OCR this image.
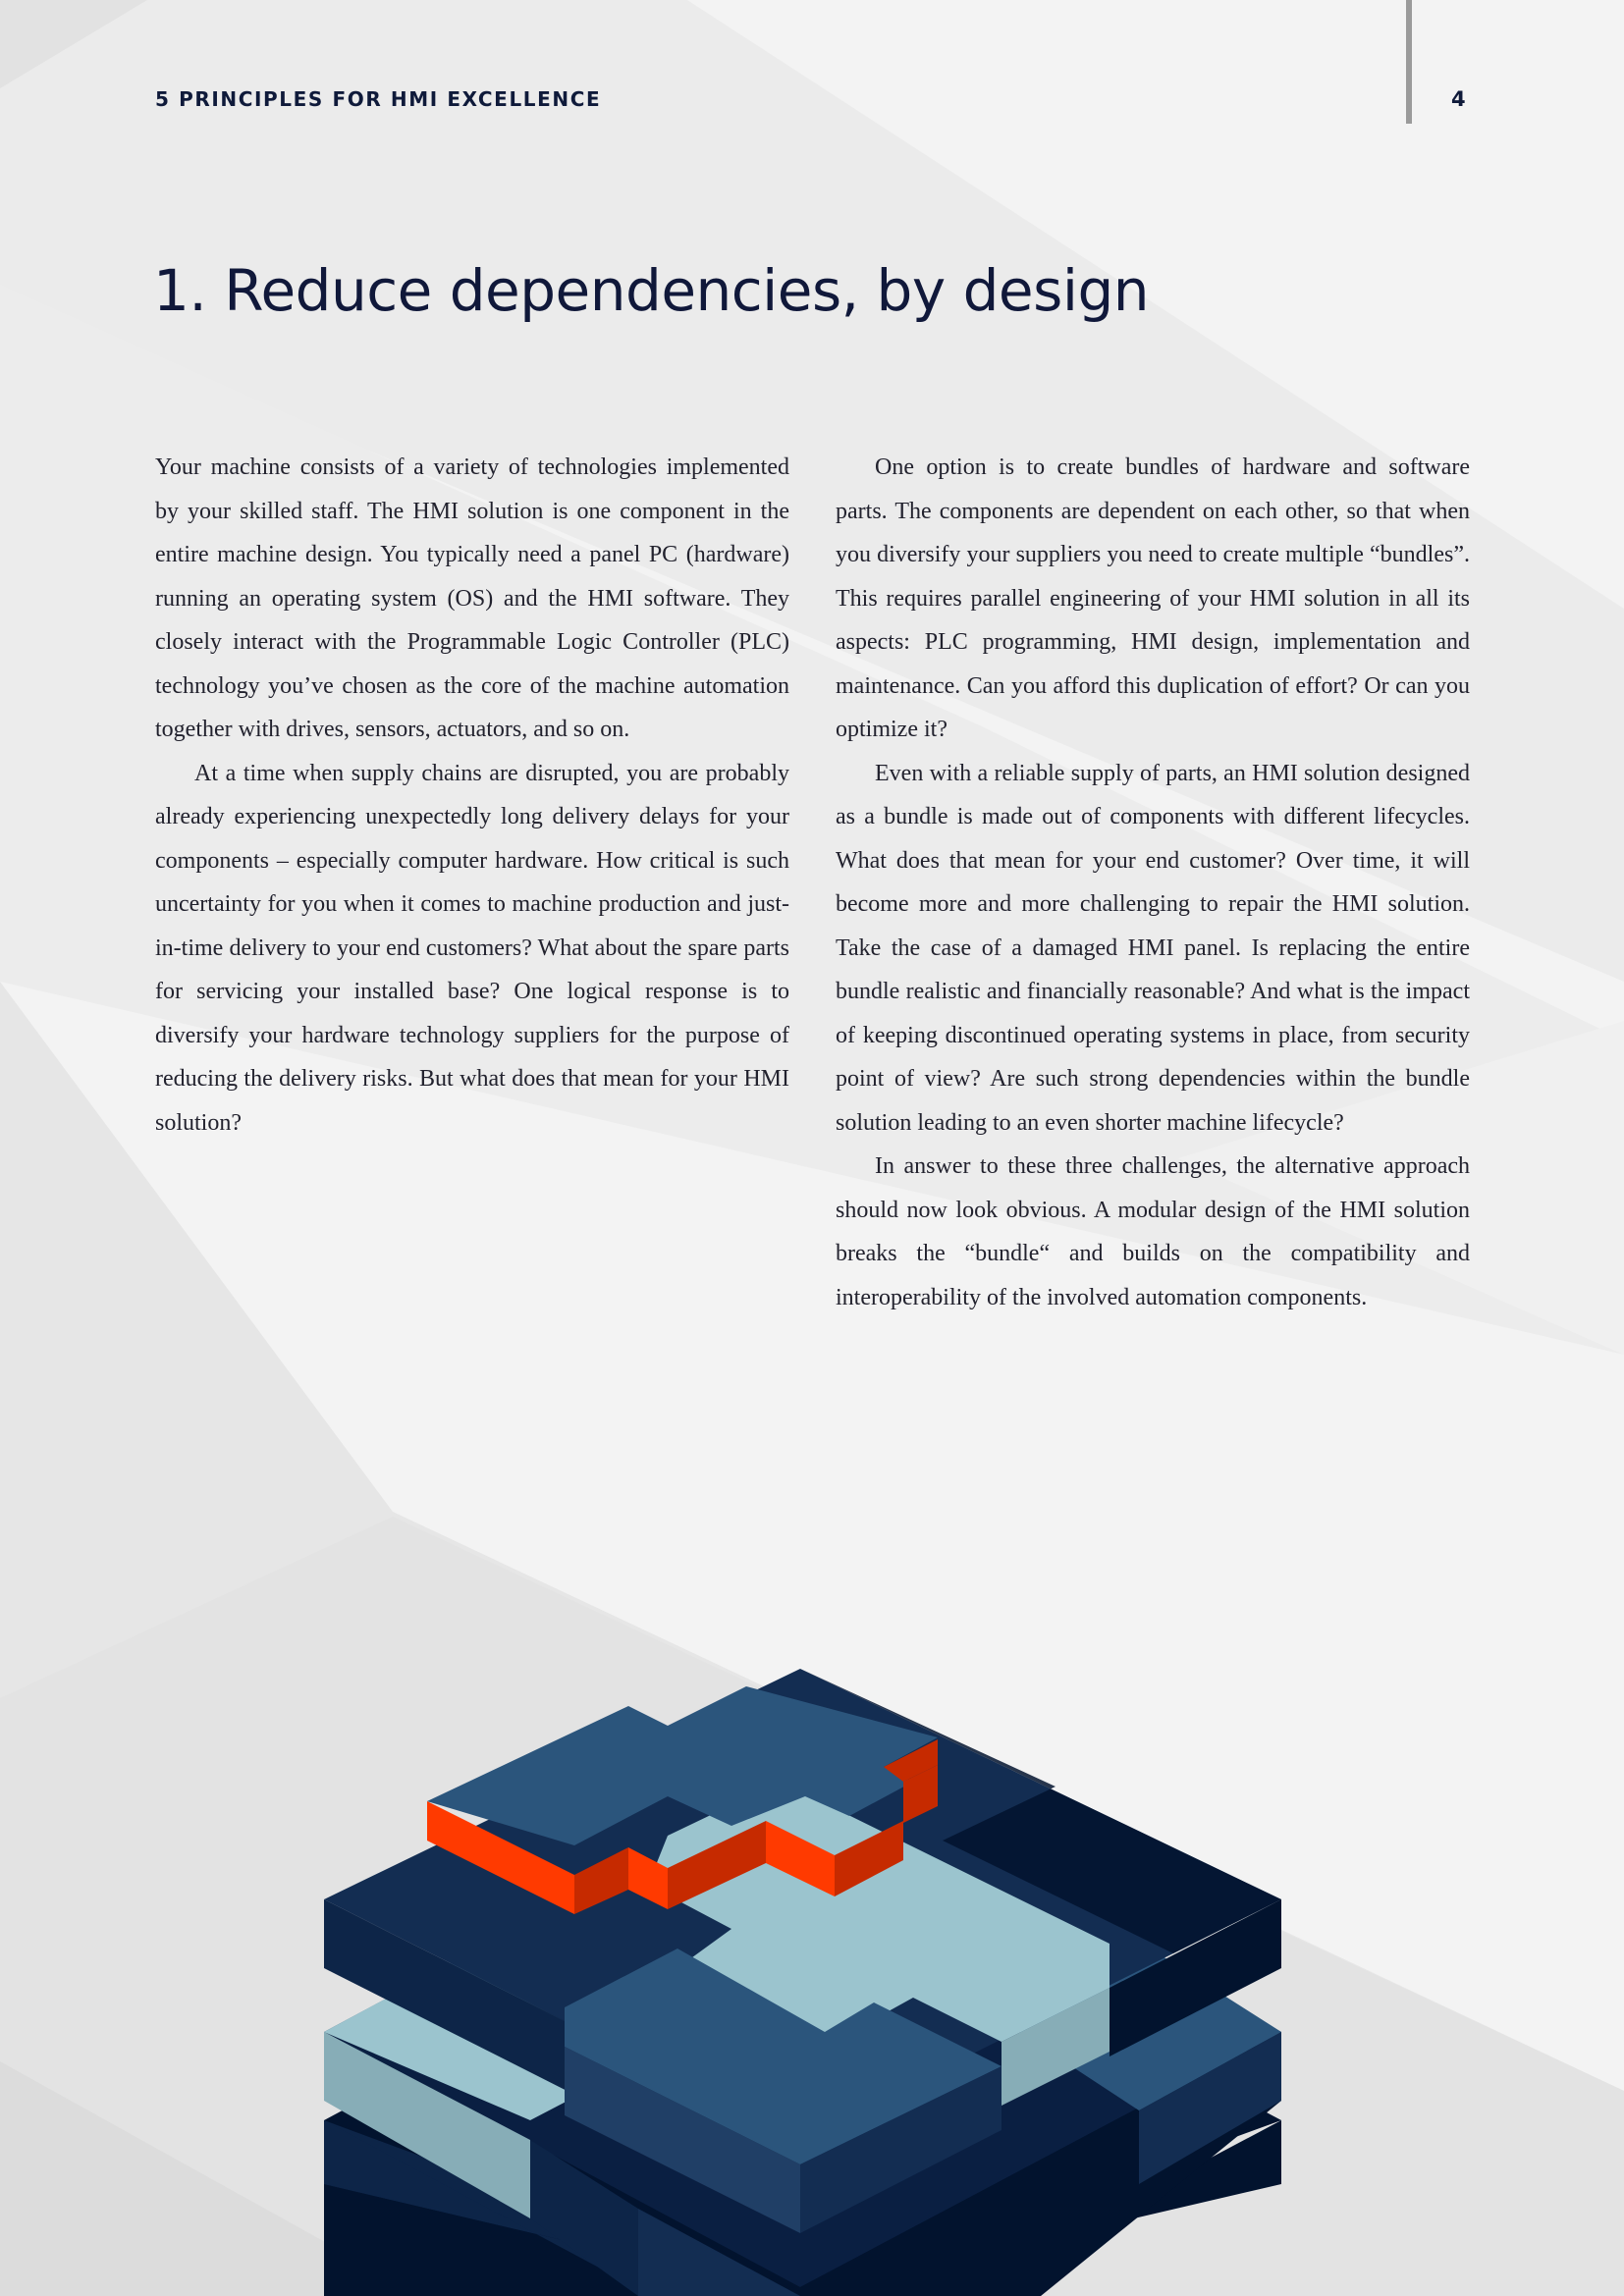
5 PRINCIPLES FOR HMI EXCELLENCE	4
1. Reduce dependencies, by design

Your machine consists of a variety of technologies implemented by your skilled staff. The HMI solution is one component in the entire machine design. You typically need a panel PC (hardware) running an operating system (OS) and the HMI software. They closely interact with the Programmable Logic Controller (PLC) technology you’ve chosen as the core of the machine automation together with drives, sensors, actuators, and so on.

At a time when supply chains are disrupted, you are probably already experiencing unexpectedly long delivery delays for your components – especially computer hardware. How critical is such uncertainty for you when it comes to machine production and just-in-time delivery to your end customers? What about the spare parts for servicing your installed base? One logical response is to diversify your hardware technology suppliers for the purpose of reducing the delivery risks. But what does that mean for your HMI solution?

One option is to create bundles of hardware and software parts. The components are dependent on each other, so that when you diversify your suppliers you need to create multiple “bundles”. This requires parallel engineering of your HMI solution in all its aspects: PLC programming, HMI design, implementation and maintenance. Can you afford this duplication of effort? Or can you optimize it?

Even with a reliable supply of parts, an HMI solution designed as a bundle is made out of components with different lifecycles. What does that mean for your end customer? Over time, it will become more and more challenging to repair the HMI solution. Take the case of a damaged HMI panel. Is replacing the entire bundle realistic and financially reasonable? And what is the impact of keeping discontinued operating systems in place, from security point of view? Are such strong dependencies within the bundle solution leading to an even shorter machine lifecycle?

In answer to these three challenges, the alternative approach should now look obvious. A modular design of the HMI solution breaks the “bundle“ and builds on the compatibility and interoperability of the involved automation components.
